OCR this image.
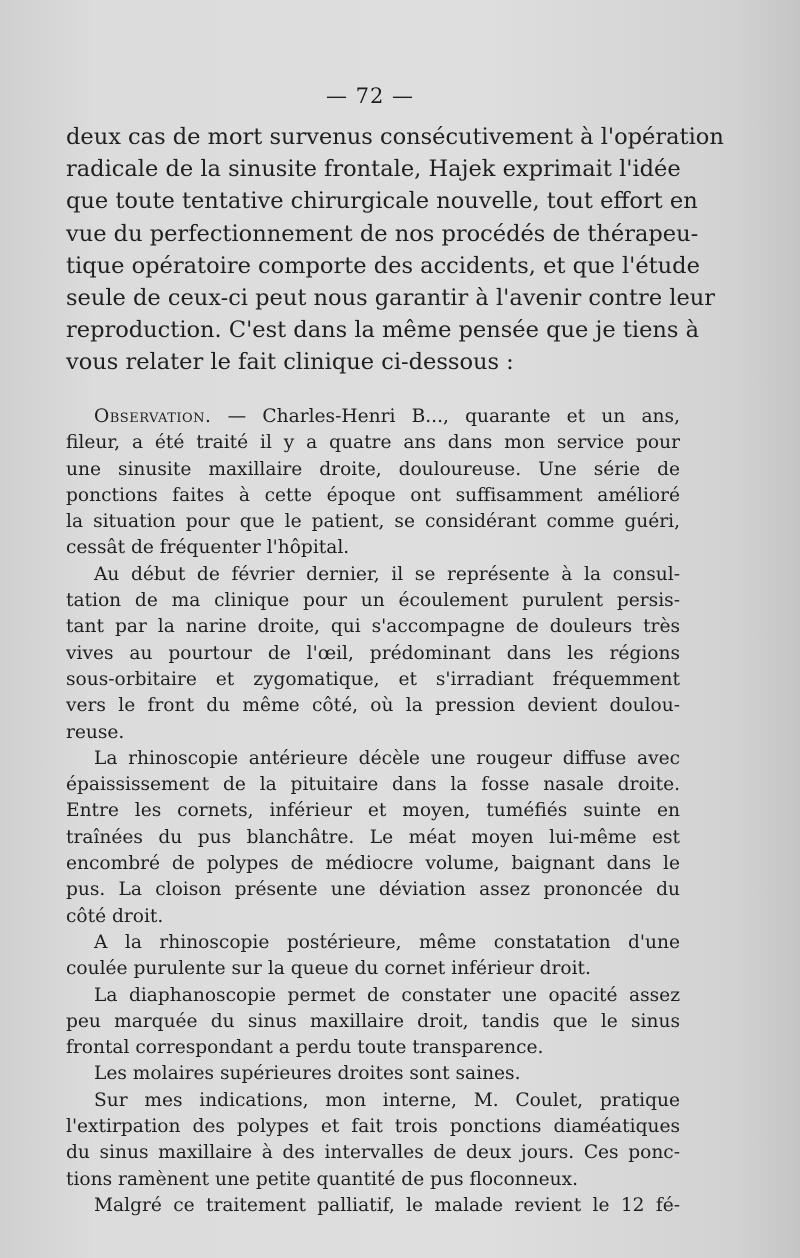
— 72 —
deux cas de mort survenus consécutivement à l'opération
radicale de la sinusite frontale, Hajek exprimait l'idée
que toute tentative chirurgicale nouvelle, tout effort en
vue du perfectionnement de nos procédés de thérapeu-
tique opératoire comporte des accidents, et que l'étude
seule de ceux-ci peut nous garantir à l'avenir contre leur
reproduction. C'est dans la même pensée que je tiens à
vous relater le fait clinique ci-dessous :
Observation. — Charles-Henri B..., quarante et un ans,
fileur, a été traité il y a quatre ans dans mon service pour
une sinusite maxillaire droite, douloureuse. Une série de
ponctions faites à cette époque ont suffisamment amélioré
la situation pour que le patient, se considérant comme guéri,
cessât de fréquenter l'hôpital.
Au début de février dernier, il se représente à la consul-
tation de ma clinique pour un écoulement purulent persis-
tant par la narine droite, qui s'accompagne de douleurs très
vives au pourtour de l'œil, prédominant dans les régions
sous-orbitaire et zygomatique, et s'irradiant fréquemment
vers le front du même côté, où la pression devient doulou-
reuse.
La rhinoscopie antérieure décèle une rougeur diffuse avec
épaississement de la pituitaire dans la fosse nasale droite.
Entre les cornets, inférieur et moyen, tuméfiés suinte en
traînées du pus blanchâtre. Le méat moyen lui-même est
encombré de polypes de médiocre volume, baignant dans le
pus. La cloison présente une déviation assez prononcée du
côté droit.
A la rhinoscopie postérieure, même constatation d'une
coulée purulente sur la queue du cornet inférieur droit.
La diaphanoscopie permet de constater une opacité assez
peu marquée du sinus maxillaire droit, tandis que le sinus
frontal correspondant a perdu toute transparence.
Les molaires supérieures droites sont saines.
Sur mes indications, mon interne, M. Coulet, pratique
l'extirpation des polypes et fait trois ponctions diaméatiques
du sinus maxillaire à des intervalles de deux jours. Ces ponc-
tions ramènent une petite quantité de pus floconneux.
Malgré ce traitement palliatif, le malade revient le 12 fé-
